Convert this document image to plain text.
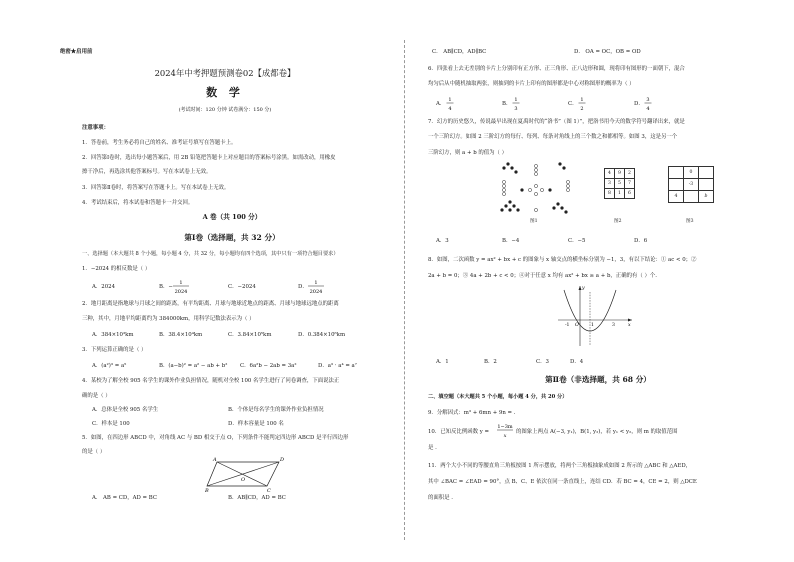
绝密★启用前
2024年中考押题预测卷02【成都卷】
数 学
(考试时间：120 分钟 试卷满分：150 分)
注意事项：
1．答卷前，考生务必将自己的姓名、准考证号填写在答题卡上。
2．回答第Ⅰ卷时，选出每小题答案后，用 2B 铅笔把答题卡上对应题目的答案标号涂黑。如需改动，用橡皮
擦干净后，再选涂其他答案标号。写在本试卷上无效。
3．回答第Ⅱ卷时，将答案写在答题卡上。写在本试卷上无效。
4．考试结束后，将本试卷和答题卡一并交回。
A 卷（共 100 分）
第Ⅰ卷（选择题，共 32 分）
一、选择题（本大题共 8 个小题，每小题 4 分，共 32 分，每小题均有四个选项，其中只有一项符合题目要求）
1．−2024 的相反数是（ ）
A．2024	B．−
1
2024
C．−2024	D．
1
2024
2．地月距离是指地球与月球之间的距离，有平均距离、月球与地球近地点的距离、月球与地球远地点的距离
三种，其中，月地平均距离约为 384000km，用科学记数法表示为（ ）
A．384×10³km	B．38.4×10⁴km	C．3.84×10⁵km	D．0.384×10⁶km
3．下列运算正确的是（ ）
A．(a²)³ = a⁵	B．(a−b)² = a² − ab + b² C．6a²b − 2ab = 3a²	D．a³ · a⁴ = a⁷
4．某校为了解全校 905 名学生的课外作业负担情况，随机对全校 100 名学生进行了问卷调查，下面说法正
确的是（ ）
A．总体是全校 905 名学生	B．个体是每名学生的课外作业负担情况
C．样本是 100	D．样本容量是 100 名
5．如图，在四边形 ABCD 中，对角线 AC 与 BD 相交于点 O，下列条件不能判定四边形 ABCD 是平行四边形
的是（ ）
A	D
B	C
O
A． AB = CD，AD = BC	B．AB∥CD，AD = BC
C． AB∥CD，AD∥BC	D． OA = OC，OB = OD
6．四张看上去无差别的卡片上分别印有正方形、正三角形、正八边形和圆，现将印有图形的一面朝下，混合
均匀后从中随机抽取两张，则抽到的卡片上印有的图形都是中心对称图形的概率为（ ）
A．
1
4
B．
1
3
C．
1
2
D．
3
4
7．幻方的历史悠久，传说最早出现在夏禹时代的“洛书”（图 1）”，把洛书用今天的数学符号翻译出来，就是
一个三阶幻方。如图 2 三阶幻方的每行、每列、每条对角线上的三个数之和都相等。如图 3，这是另一个
三阶幻方，则 a + b 的值为（ ）
图1
4	9	2
3	5	7
8	1	6
图2
	0	
	-3	
4		b
图3
A．3	B．−4	C．−5	D．6
8．如图，二次函数 y = ax² + bx + c 的图象与 x 轴交点的横坐标分别为 −1，3，有以下结论：① ac < 0；②
2a + b = 0；③ 4a + 2b + c < 0；④对于任意 x 均有 ax² + bx ≥ a + b，正确的有（ ）个.
-1 O	1	3	x
y
A．1	B．2	C．3	D．4
第Ⅱ卷（非选择题，共 68 分）
二、填空题（本大题共 5 个小题，每小题 4 分，共 20 分）
9．分解因式：m³ + 6mn + 9n = .
10．已知反比例函数 y =
1−3m
x
的图象上两点 A(−3, y₁)，B(1, y₂)，若 y₁ < y₂，则 m 的取值范围
是 .
11．两个大小不同的等腰直角三角板按图 1 所示摆放，将两个三角板抽象成如图 2 所示的 △ABC 和 △AED，
其中 ∠BAC = ∠EAD = 90°，点 B、C、E 依次在同一条直线上，连结 CD．若 BC = 4，CE = 2，则 △DCE
的面积是 .
